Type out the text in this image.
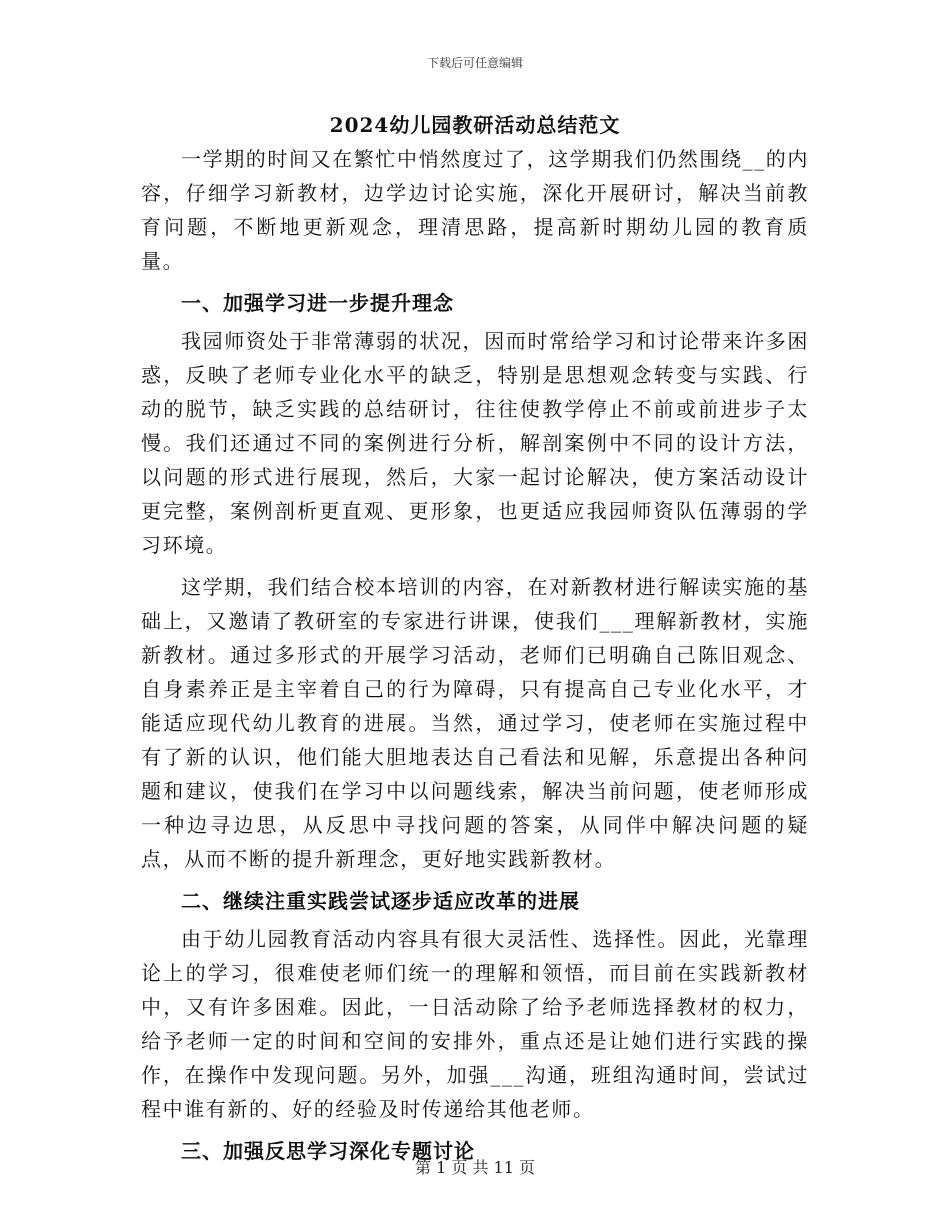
下载后可任意编辑
2024幼儿园教研活动总结范文

一学期的时间又在繁忙中悄然度过了，这学期我们仍然围绕__的内容，仔细学习新教材，边学边讨论实施，深化开展研讨，解决当前教育问题，不断地更新观念，理清思路，提高新时期幼儿园的教育质量。

一、加强学习进一步提升理念

我园师资处于非常薄弱的状况，因而时常给学习和讨论带来许多困惑，反映了老师专业化水平的缺乏，特别是思想观念转变与实践、行动的脱节，缺乏实践的总结研讨，往往使教学停止不前或前进步子太慢。我们还通过不同的案例进行分析，解剖案例中不同的设计方法，以问题的形式进行展现，然后，大家一起讨论解决，使方案活动设计更完整，案例剖析更直观、更形象，也更适应我园师资队伍薄弱的学习环境。

这学期，我们结合校本培训的内容，在对新教材进行解读实施的基础上，又邀请了教研室的专家进行讲课，使我们___理解新教材，实施新教材。通过多形式的开展学习活动，老师们已明确自己陈旧观念、自身素养正是主宰着自己的行为障碍，只有提高自己专业化水平，才能适应现代幼儿教育的进展。当然，通过学习，使老师在实施过程中有了新的认识，他们能大胆地表达自己看法和见解，乐意提出各种问题和建议，使我们在学习中以问题线索，解决当前问题，使老师形成一种边寻边思，从反思中寻找问题的答案，从同伴中解决问题的疑点，从而不断的提升新理念，更好地实践新教材。

二、继续注重实践尝试逐步适应改革的进展

由于幼儿园教育活动内容具有很大灵活性、选择性。因此，光靠理论上的学习，很难使老师们统一的理解和领悟，而目前在实践新教材中，又有许多困难。因此，一日活动除了给予老师选择教材的权力，给予老师一定的时间和空间的安排外，重点还是让她们进行实践的操作，在操作中发现问题。另外，加强___沟通，班组沟通时间，尝试过程中谁有新的、好的经验及时传递给其他老师。

三、加强反思学习深化专题讨论
第 1 页 共 11 页
